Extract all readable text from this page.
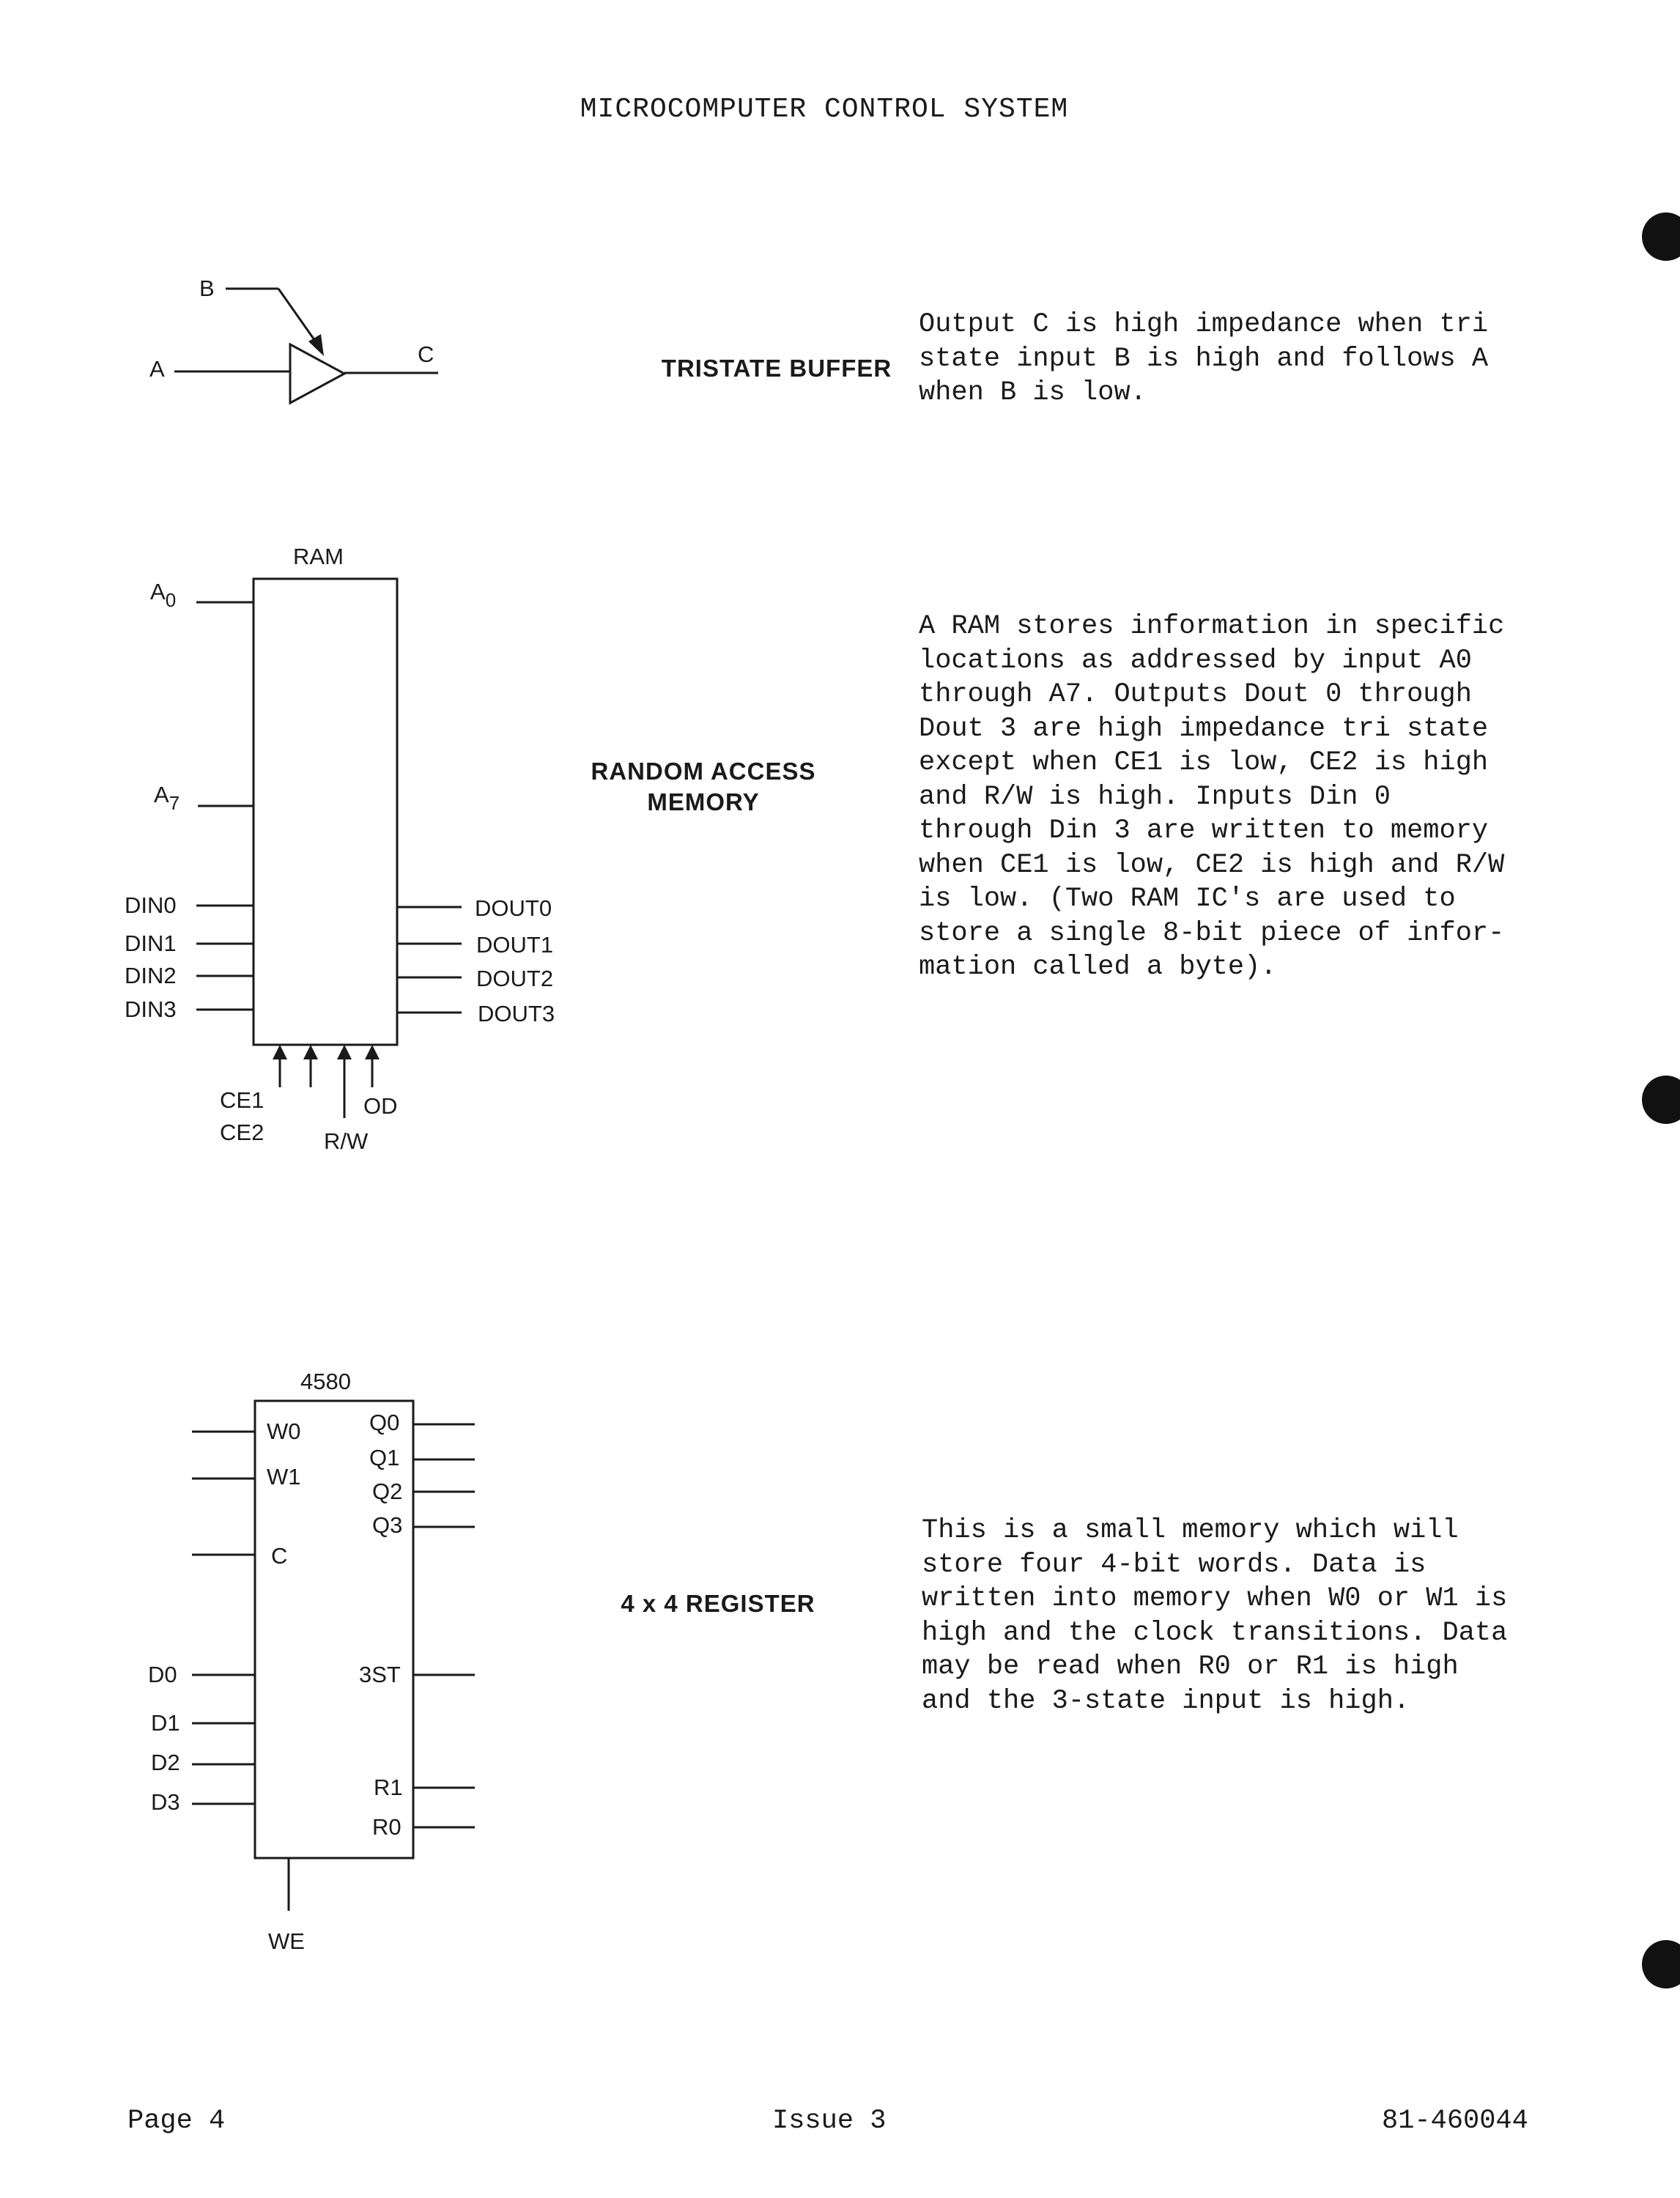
MICROCOMPUTER CONTROL SYSTEM
B
A
C
TRISTATE BUFFER
Output C is high impedance when tri
state input B is high and follows A
when B is low.
RAM
$A_0$
$A_7$
DIN0
DIN1
DIN2
DIN3
DOUT0
DOUT1
DOUT2
DOUT3
CE1
CE2	R/W
OD
RANDOM ACCESS
MEMORY
A RAM stores information in specific
locations as addressed by input A0
through A7. Outputs Dout 0 through
Dout 3 are high impedance tri state
except when CE1 is low, CE2 is high
and R/W is high. Inputs Din 0
through Din 3 are written to memory
when CE1 is low, CE2 is high and R/W
is low. (Two RAM IC's are used to
store a single 8-bit piece of infor-
mation called a byte).
4580
W0
W1
C
D0
D1
D2
D3
Q0
Q1
Q2
Q3
3ST
R1
R0
WE
4 x 4 REGISTER
This is a small memory which will
store four 4-bit words. Data is
written into memory when W0 or W1 is
high and the clock transitions. Data
may be read when R0 or R1 is high
and the 3-state input is high.
Page 4	Issue 3	81-460044
